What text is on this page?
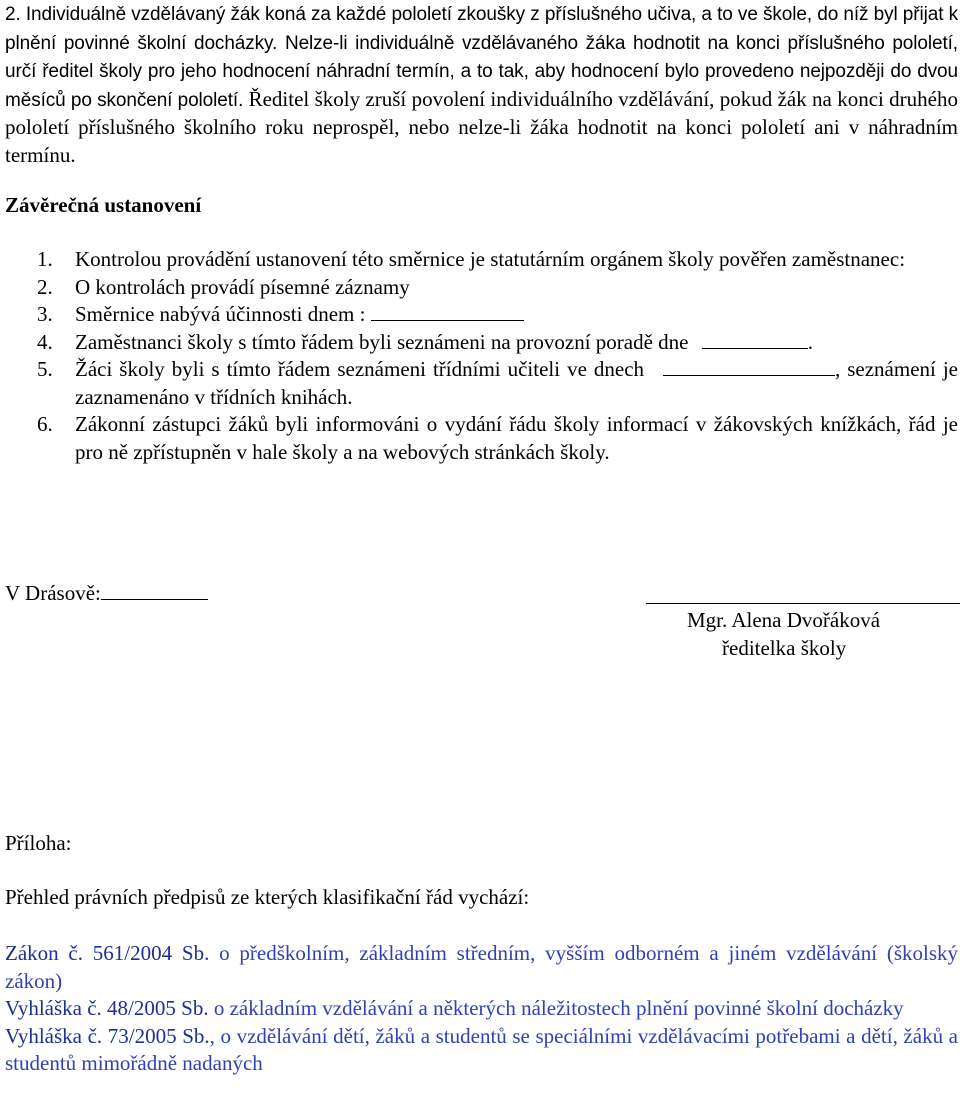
2. Individuálně vzdělávaný žák koná za každé pololetí zkoušky z příslušného učiva, a to ve škole, do níž byl přijat k plnění povinné školní docházky. Nelze-li individuálně vzdělávaného žáka hodnotit na konci příslušného pololetí, určí ředitel školy pro jeho hodnocení náhradní termín, a to tak, aby hodnocení bylo provedeno nejpozději do dvou měsíců po skončení pololetí. Ředitel školy zruší povolení individuálního vzdělávání, pokud žák na konci druhého pololetí příslušného školního roku neprospěl, nebo nelze-li žáka hodnotit na konci pololetí ani v náhradním termínu.
Závěrečná ustanovení
1. Kontrolou provádění ustanovení této směrnice je statutárním orgánem školy pověřen zaměstnanec:
2. O kontrolách provádí písemné záznamy
3. Směrnice nabývá účinnosti dnem :
4. Zaměstnanci školy s tímto řádem byli seznámeni na provozní poradě dne	.
5. Žáci školy byli s tímto řádem seznámeni třídními učiteli ve dnech	, seznámení je zaznamenáno v třídních knihách.
6. Zákonní zástupci žáků byli informováni o vydání řádu školy informací v žákovských knížkách, řád je pro ně zpřístupněn v hale školy a na webových stránkách školy.
V Drásově:
Mgr. Alena Dvořáková
ředitelka školy
Příloha:
Přehled právních předpisů ze kterých klasifikační řád vychází:
Zákon č. 561/2004 Sb. o předškolním, základním středním, vyšším odborném a jiném vzdělávání (školský zákon)
Vyhláška č. 48/2005 Sb. o základním vzdělávání a některých náležitostech plnění povinné školní docházky
Vyhláška č. 73/2005 Sb., o vzdělávání dětí, žáků a studentů se speciálními vzdělávacími potřebami a dětí, žáků a studentů mimořádně nadaných
